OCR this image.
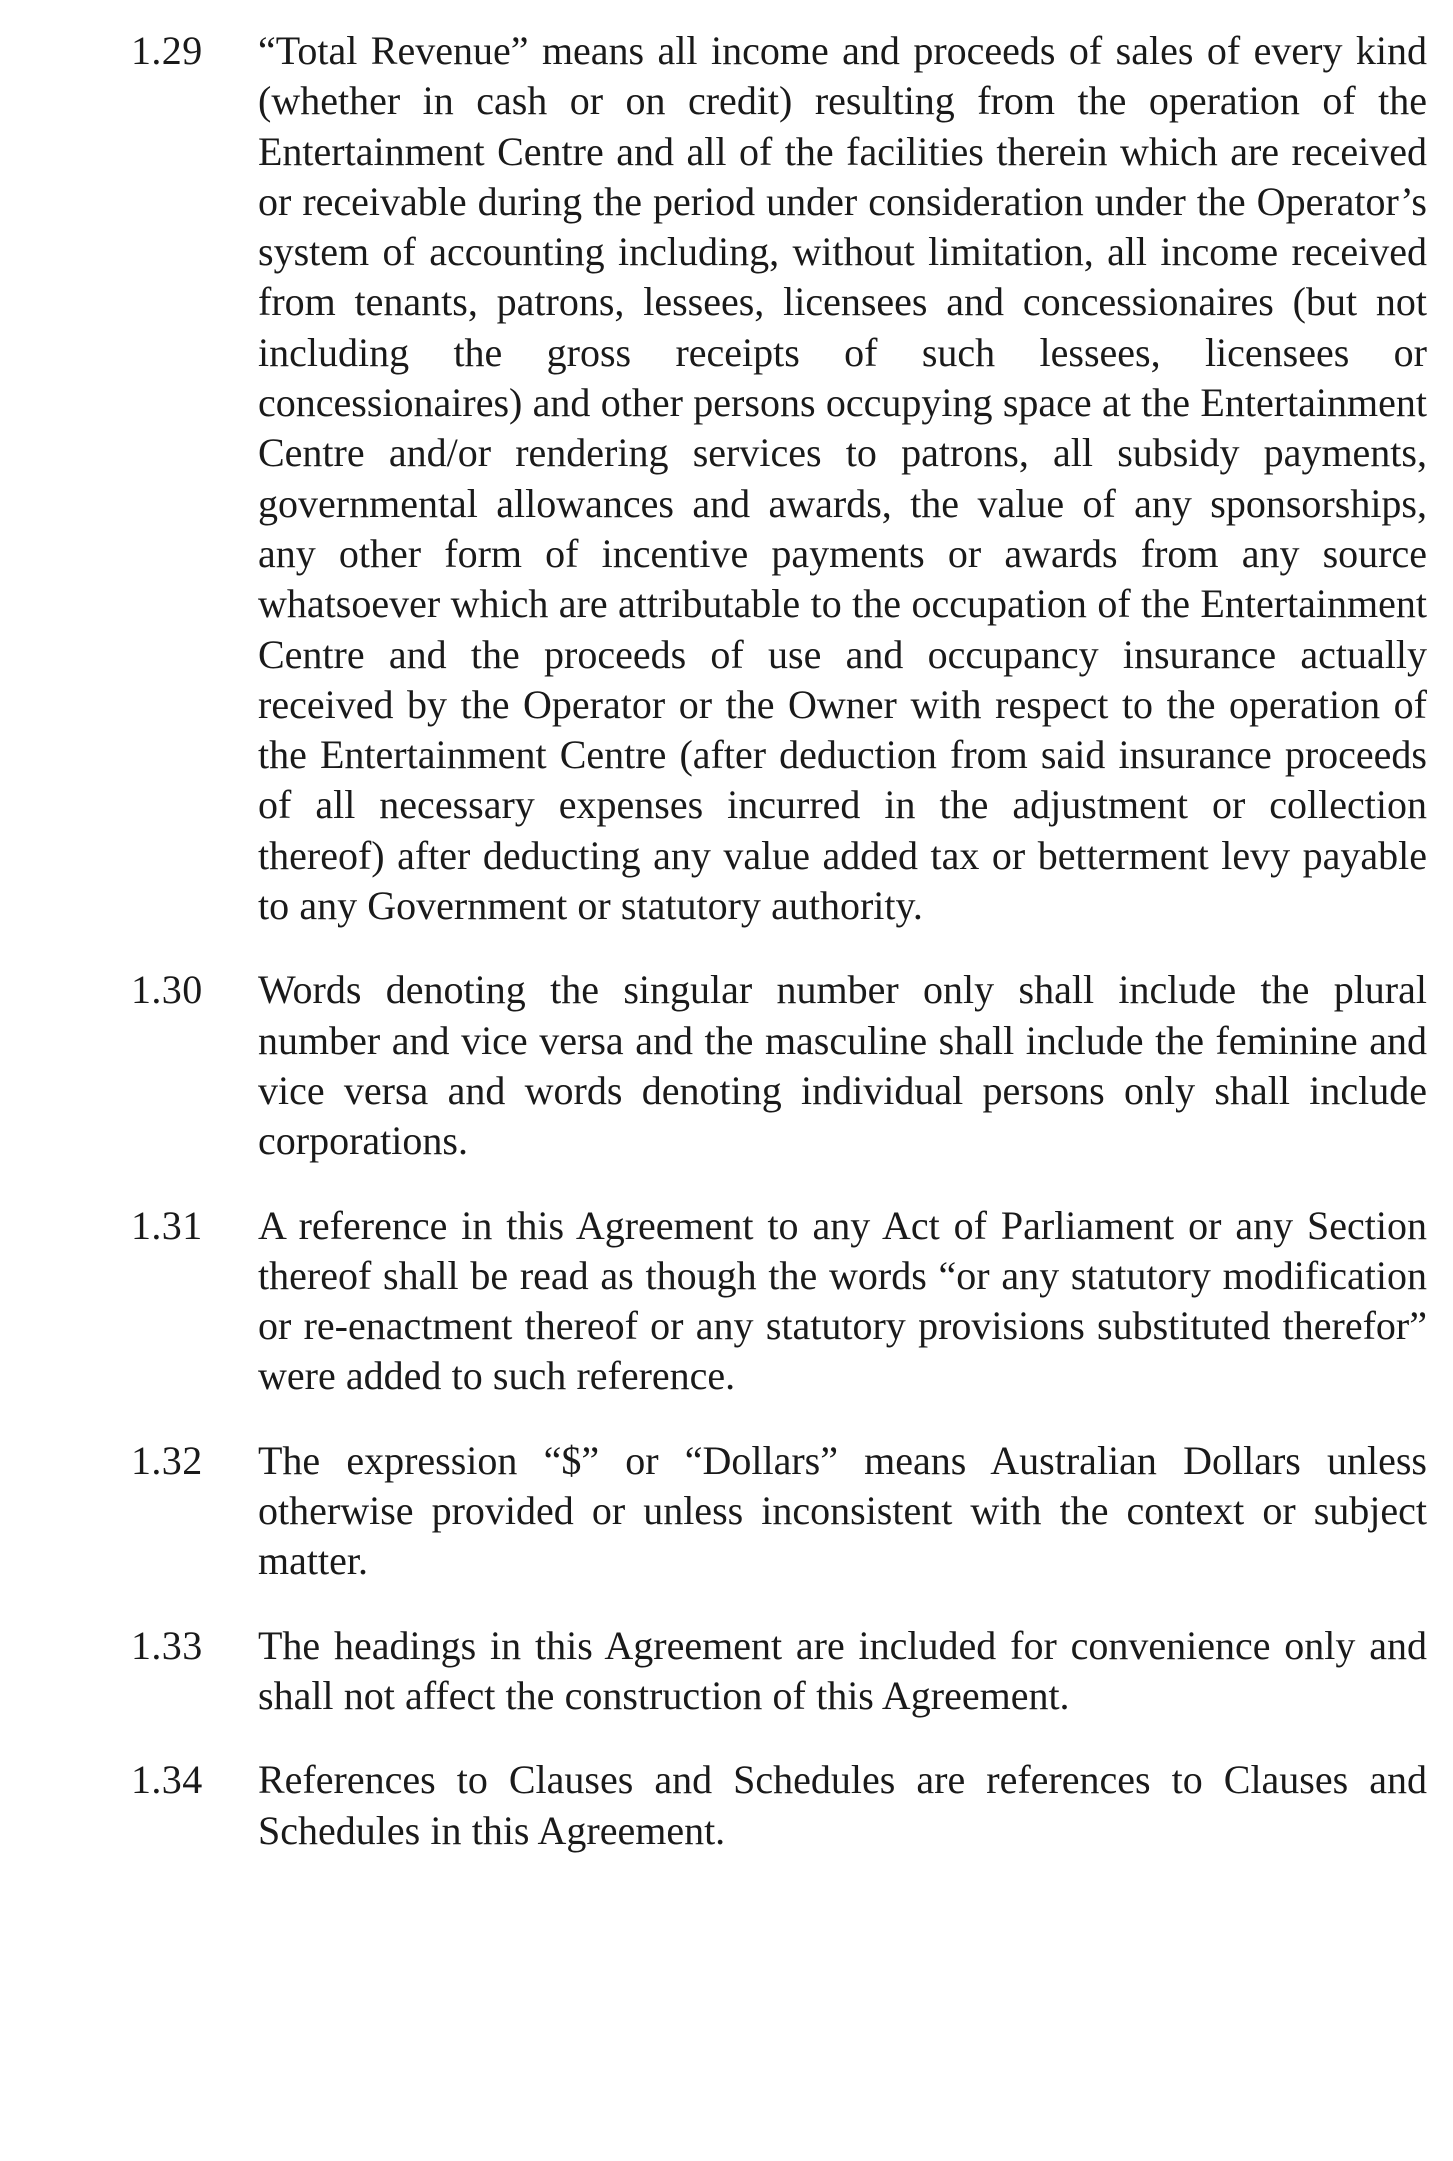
1.29	“Total Revenue” means all income and proceeds of sales of every kind (whether in cash or on credit) resulting from the operation of the Entertainment Centre and all of the facilities therein which are received or receivable during the period under consideration under the Operator’s system of accounting including, without limitation, all income received from tenants, patrons, lessees, licensees and concessionaires (but not including the gross receipts of such lessees, licensees or concessionaires) and other persons occupying space at the Entertainment Centre and/or rendering services to patrons, all subsidy payments, governmental allowances and awards, the value of any sponsorships, any other form of incentive payments or awards from any source whatsoever which are attributable to the occupation of the Entertainment Centre and the proceeds of use and occupancy insurance actually received by the Operator or the Owner with respect to the operation of the Entertainment Centre (after deduction from said insurance proceeds of all necessary expenses incurred in the adjustment or collection thereof) after deducting any value added tax or betterment levy payable to any Government or statutory authority.
1.30	Words denoting the singular number only shall include the plural number and vice versa and the masculine shall include the feminine and vice versa and words denoting individual persons only shall include corporations.
1.31	A reference in this Agreement to any Act of Parliament or any Section thereof shall be read as though the words “or any statutory modification or re-enactment thereof or any statutory provisions substituted therefor” were added to such reference.
1.32	The expression “$” or “Dollars” means Australian Dollars unless otherwise provided or unless inconsistent with the context or subject matter.
1.33	The headings in this Agreement are included for convenience only and shall not affect the construction of this Agreement.
1.34	References to Clauses and Schedules are references to Clauses and Schedules in this Agreement.
